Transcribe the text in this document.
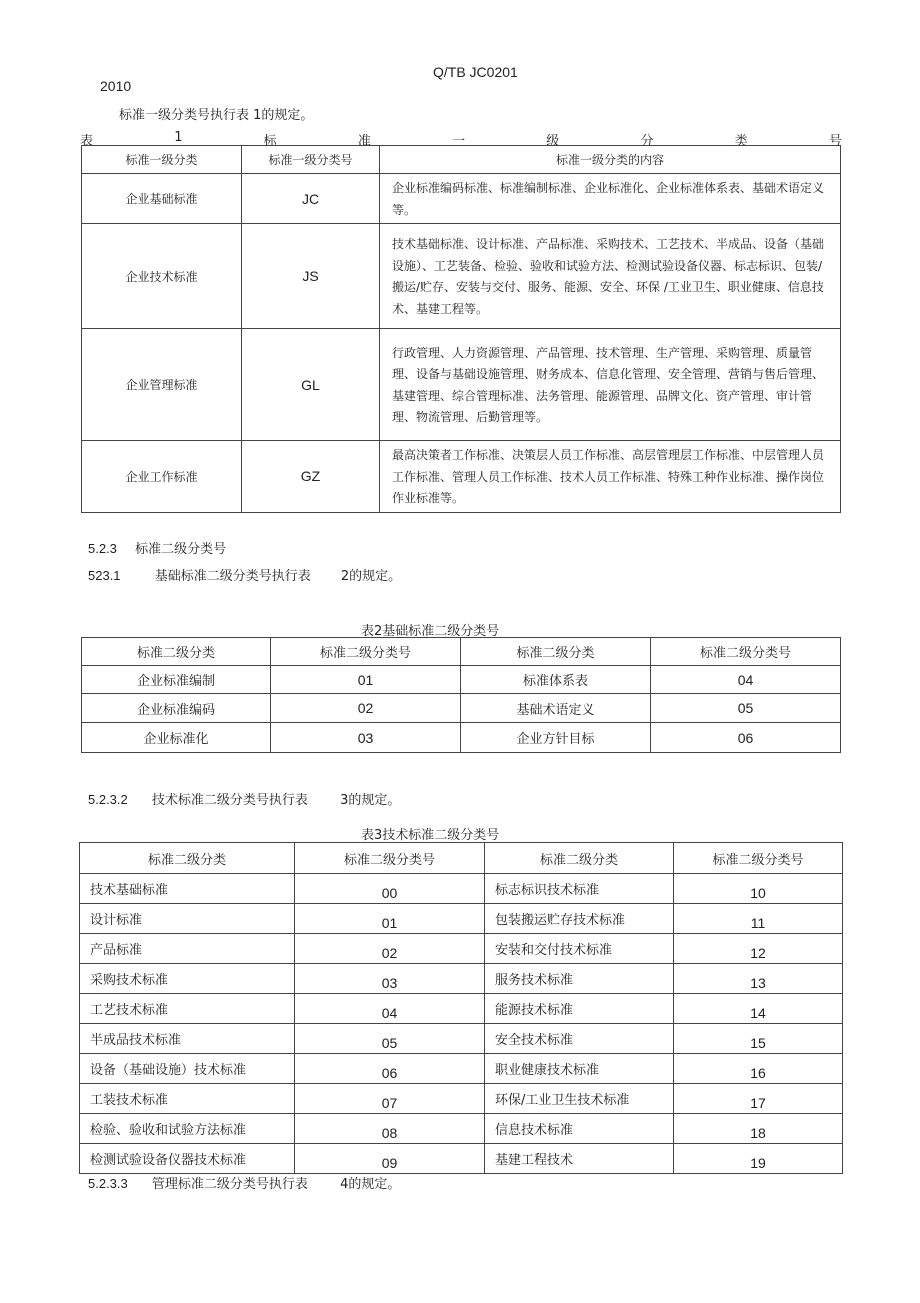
Q/TB JC0201
2010
标准一级分类号执行表 1的规定。
表	1	标	准	一	级	分	类	号
标准一级分类	标准一级分类号	标准一级分类的内容
企业基础标准	JC	企业标准编码标准、标准编制标准、企业标准化、企业标准体系表、基础术语定义等。
企业技术标准	JS	技术基础标准、设计标准、产品标准、采购技术、工艺技术、半成品、设备（基础设施）、工艺装备、检验、验收和试验方法、检测试验设备仪器、标志标识、包装/搬运/贮存、安装与交付、服务、能源、安全、环保 /工业卫生、职业健康、信息技术、基建工程等。
企业管理标准	GL	行政管理、人力资源管理、产品管理、技术管理、生产管理、采购管理、质量管理、设备与基础设施管理、财务成本、信息化管理、安全管理、营销与售后管理、基建管理、综合管理标准、法务管理、能源管理、品牌文化、资产管理、审计管理、物流管理、后勤管理等。
企业工作标准	GZ	最高决策者工作标准、决策层人员工作标准、高层管理层工作标准、中层管理人员工作标准、管理人员工作标准、技术人员工作标准、特殊工种作业标准、操作岗位作业标准等。
5.2.3 标准二级分类号
523.1	基础标准二级分类号执行表 2的规定。
表2基础标准二级分类号
标准二级分类	标准二级分类号	标准二级分类	标准二级分类号
企业标准编制	01	标准体系表	04
企业标准编码	02	基础术语定义	05
企业标准化	03	企业方针目标	06
5.2.3.2 技术标准二级分类号执行表 3的规定。
表3技术标准二级分类号
标准二级分类	标准二级分类号	标准二级分类	标准二级分类号
技术基础标准	00	标志标识技术标准	10
设计标准	01	包装搬运贮存技术标准	11
产品标准	02	安装和交付技术标准	12
采购技术标准	03	服务技术标准	13
工艺技术标准	04	能源技术标准	14
半成品技术标准	05	安全技术标准	15
设备（基础设施）技术标准	06	职业健康技术标准	16
工装技术标准	07	环保/工业卫生技术标准	17
检验、验收和试验方法标准	08	信息技术标准	18
检测试验设备仪器技术标准	09	基建工程技术	19
5.2.3.3 管理标准二级分类号执行表 4的规定。
